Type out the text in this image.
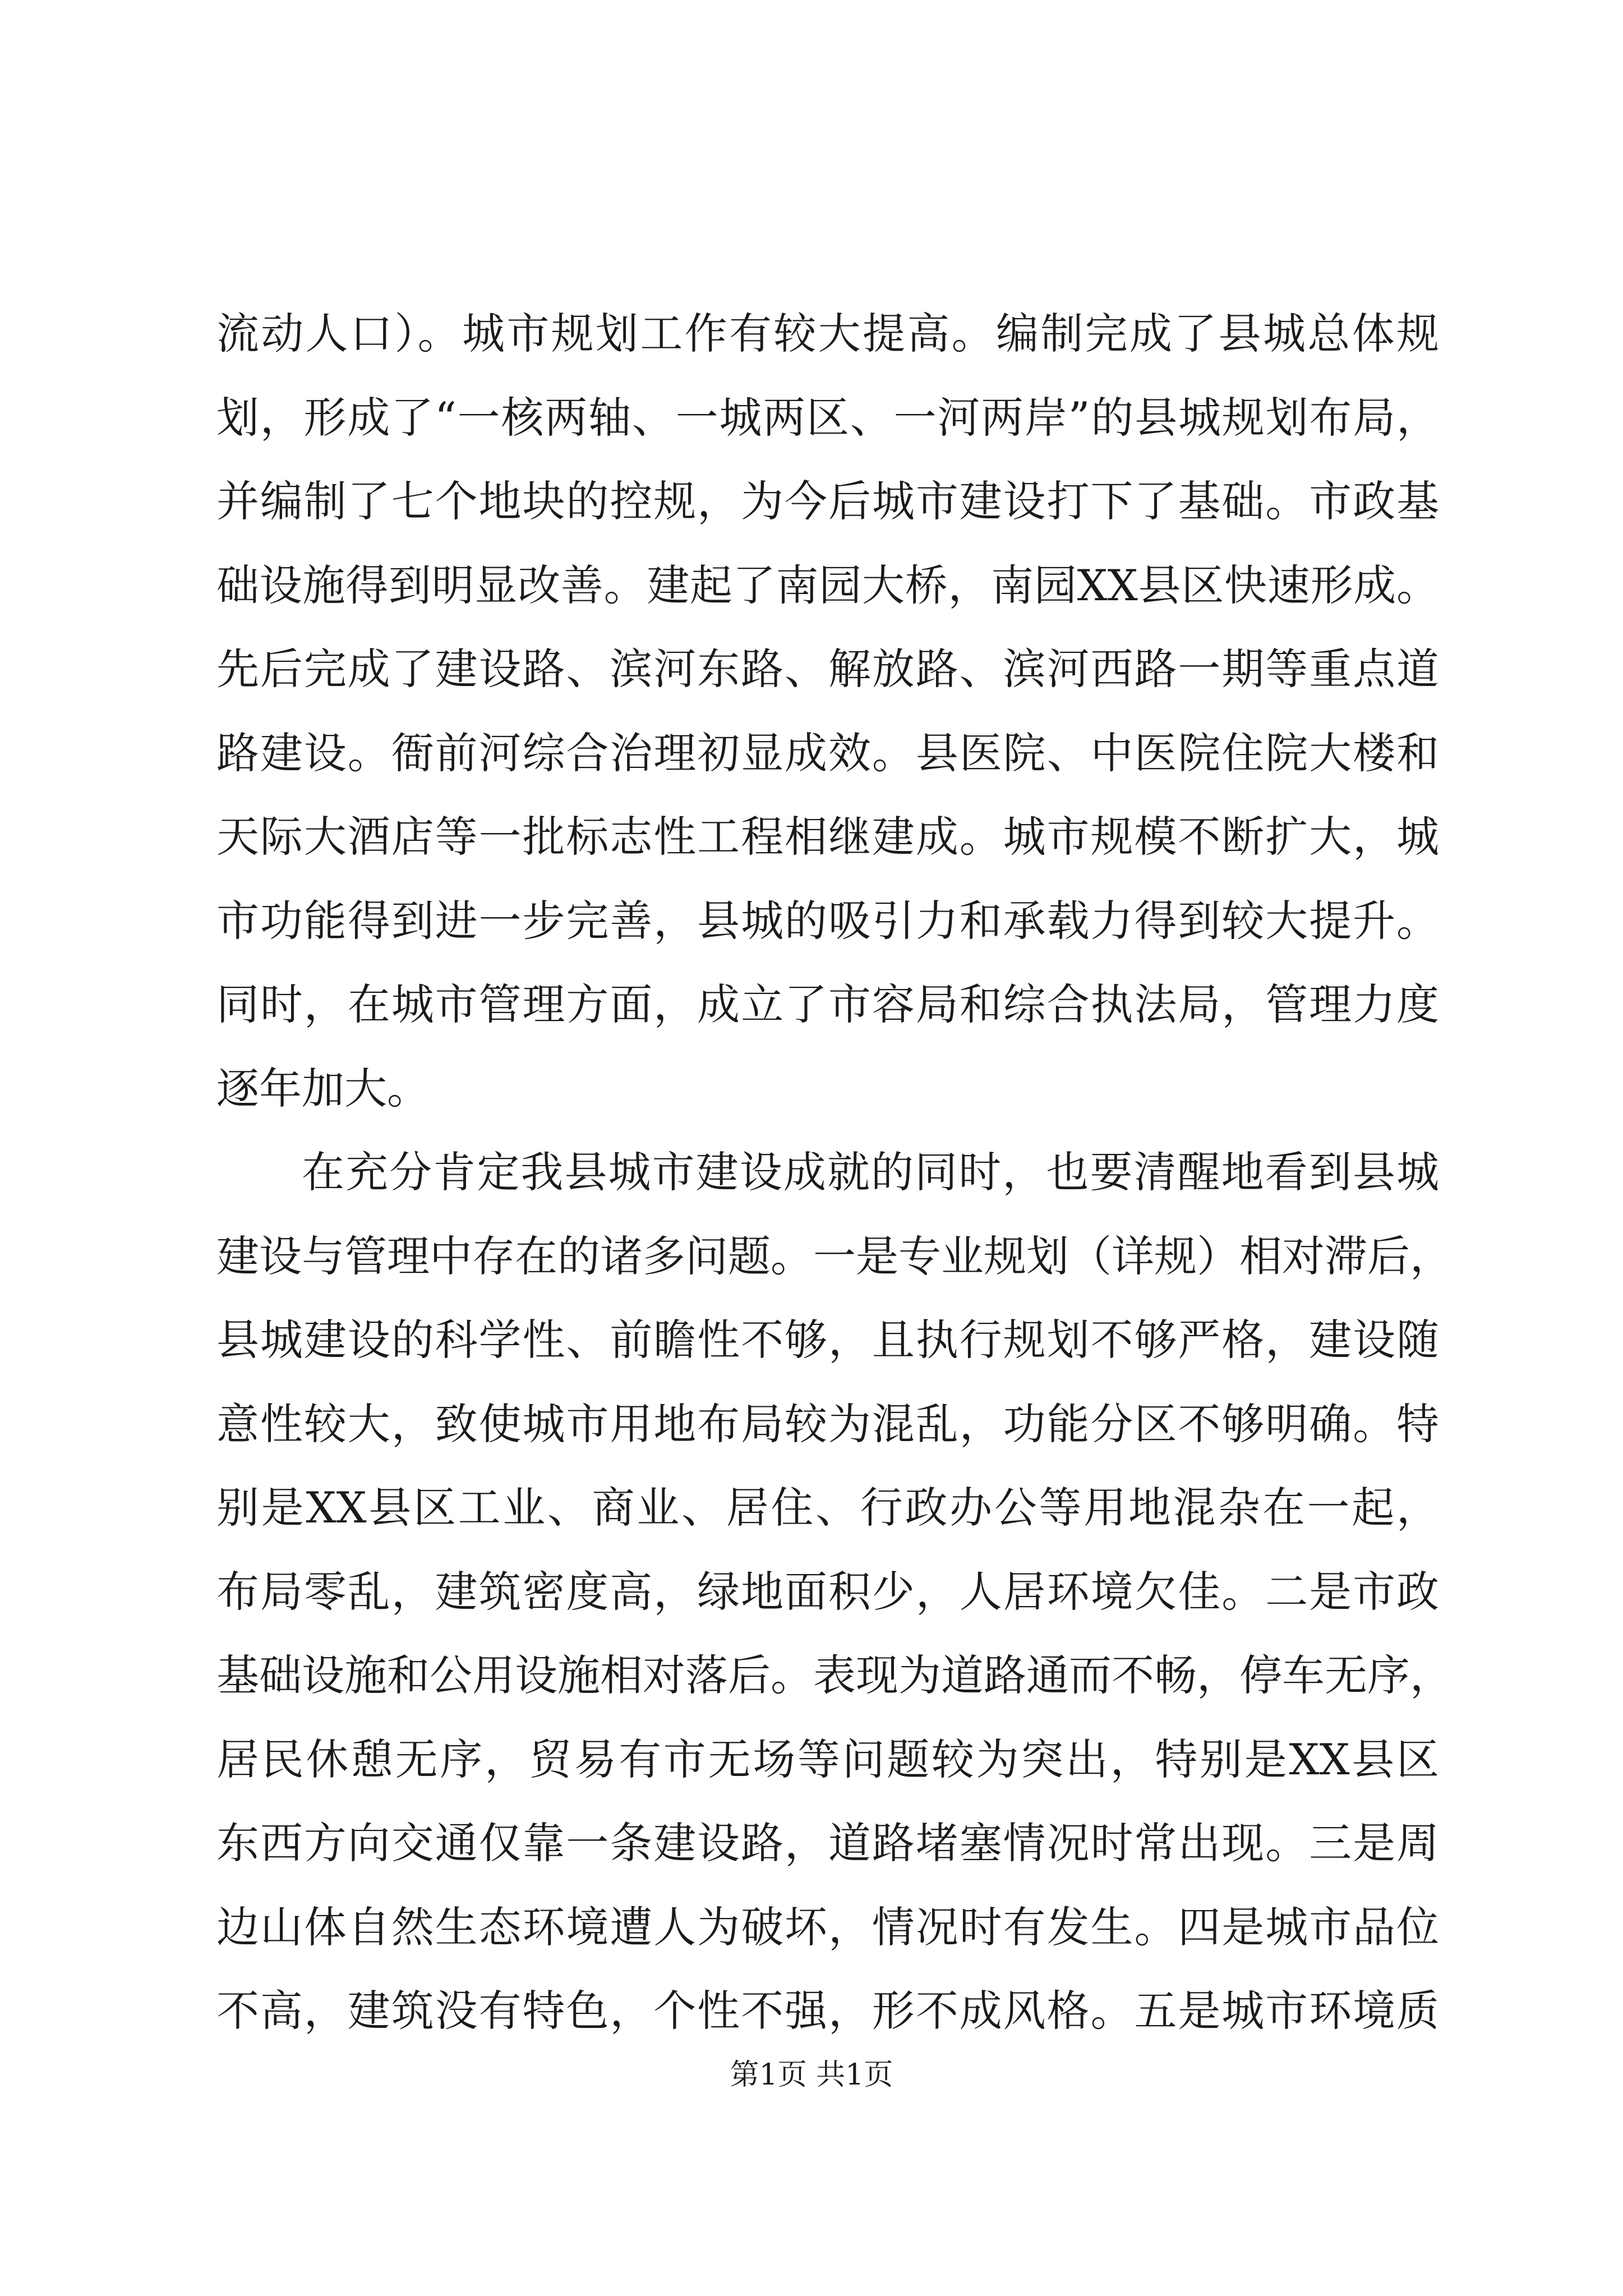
流动人口）。城市规划工作有较大提高。编制完成了县城总体规
划，形成了“一核两轴、一城两区、一河两岸”的县城规划布局，
并编制了七个地块的控规，为今后城市建设打下了基础。市政基
础设施得到明显改善。建起了南园大桥，南园XX县区快速形成。
先后完成了建设路、滨河东路、解放路、滨河西路一期等重点道
路建设。衙前河综合治理初显成效。县医院、中医院住院大楼和
天际大酒店等一批标志性工程相继建成。城市规模不断扩大，城
市功能得到进一步完善，县城的吸引力和承载力得到较大提升。
同时，在城市管理方面，成立了市容局和综合执法局，管理力度
逐年加大。
在充分肯定我县城市建设成就的同时，也要清醒地看到县城
建设与管理中存在的诸多问题。一是专业规划（详规）相对滞后，
县城建设的科学性、前瞻性不够，且执行规划不够严格，建设随
意性较大，致使城市用地布局较为混乱，功能分区不够明确。特
别是XX县区工业、商业、居住、行政办公等用地混杂在一起，
布局零乱，建筑密度高，绿地面积少，人居环境欠佳。二是市政
基础设施和公用设施相对落后。表现为道路通而不畅，停车无序，
居民休憩无序，贸易有市无场等问题较为突出，特别是XX县区
东西方向交通仅靠一条建设路，道路堵塞情况时常出现。三是周
边山体自然生态环境遭人为破坏，情况时有发生。四是城市品位
不高，建筑没有特色，个性不强，形不成风格。五是城市环境质
第1页 共1页
